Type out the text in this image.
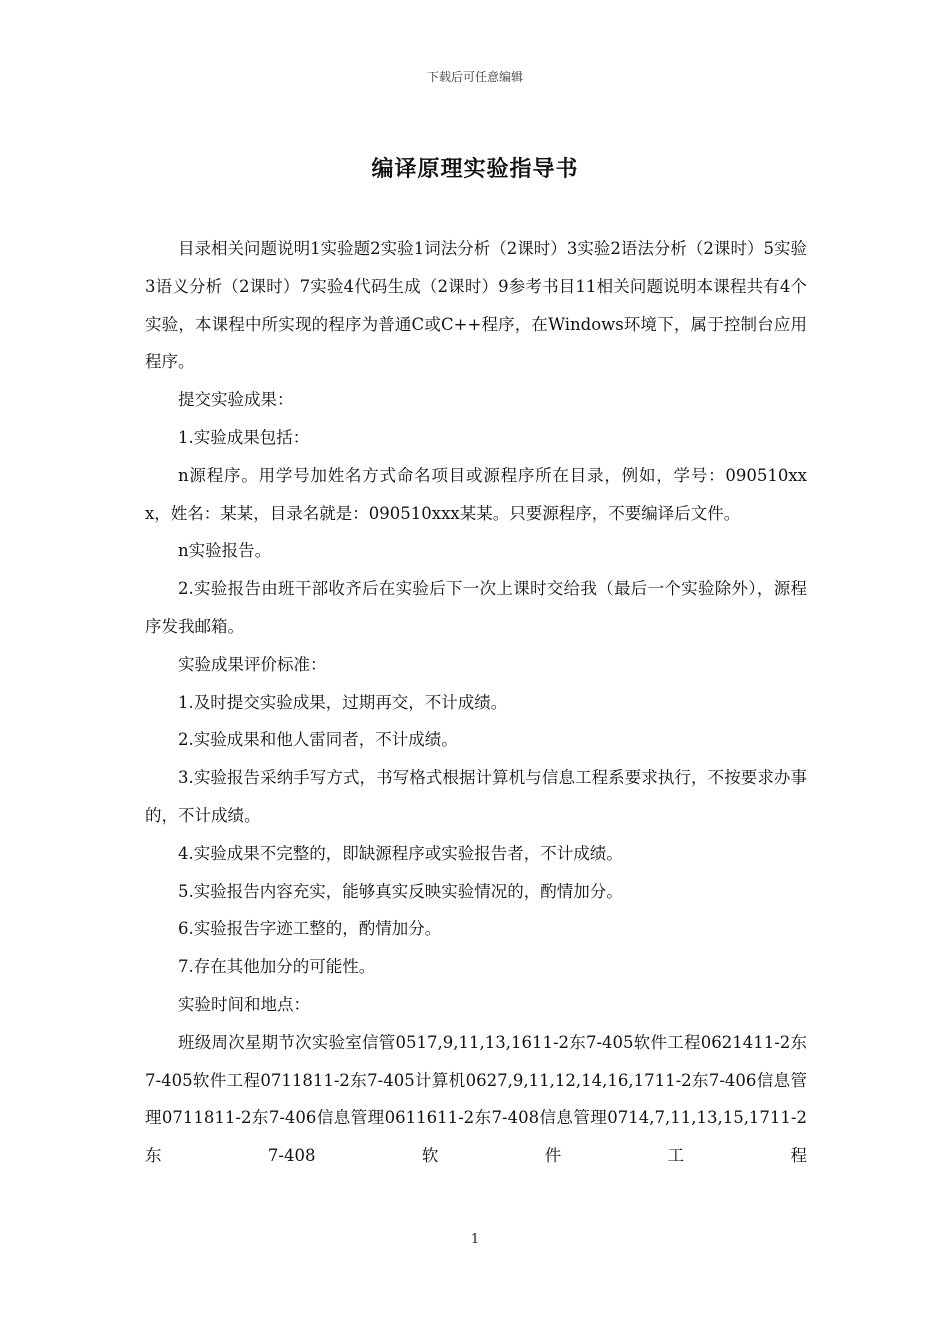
下载后可任意编辑
编译原理实验指导书

目录相关问题说明1实验题2实验1词法分析（2课时）3实验2语法分析（2课时）5实验3语义分析（2课时）7实验4代码生成（2课时）9参考书目11相关问题说明本课程共有4个实验，本课程中所实现的程序为普通C或C++程序，在Windows环境下，属于控制台应用程序。

提交实验成果：

1.实验成果包括：

n源程序。用学号加姓名方式命名项目或源程序所在目录，例如，学号：090510xxx，姓名：某某，目录名就是：090510xxx某某。只要源程序，不要编译后文件。

n实验报告。

2.实验报告由班干部收齐后在实验后下一次上课时交给我（最后一个实验除外），源程序发我邮箱。

实验成果评价标准：

1.及时提交实验成果，过期再交，不计成绩。

2.实验成果和他人雷同者，不计成绩。

3.实验报告采纳手写方式，书写格式根据计算机与信息工程系要求执行，不按要求办事的，不计成绩。

4.实验成果不完整的，即缺源程序或实验报告者，不计成绩。

5.实验报告内容充实，能够真实反映实验情况的，酌情加分。

6.实验报告字迹工整的，酌情加分。

7.存在其他加分的可能性。

实验时间和地点：

班级周次星期节次实验室信管0517,9,11,13,1611-2东7-405软件工程0621411-2东7-405软件工程0711811-2东7-405计算机0627,9,11,12,14,16,1711-2东7-406信息管理0711811-2东7-406信息管理0611611-2东7-408信息管理0714,7,11,13,15,1711-2东7-408软件工程

1
